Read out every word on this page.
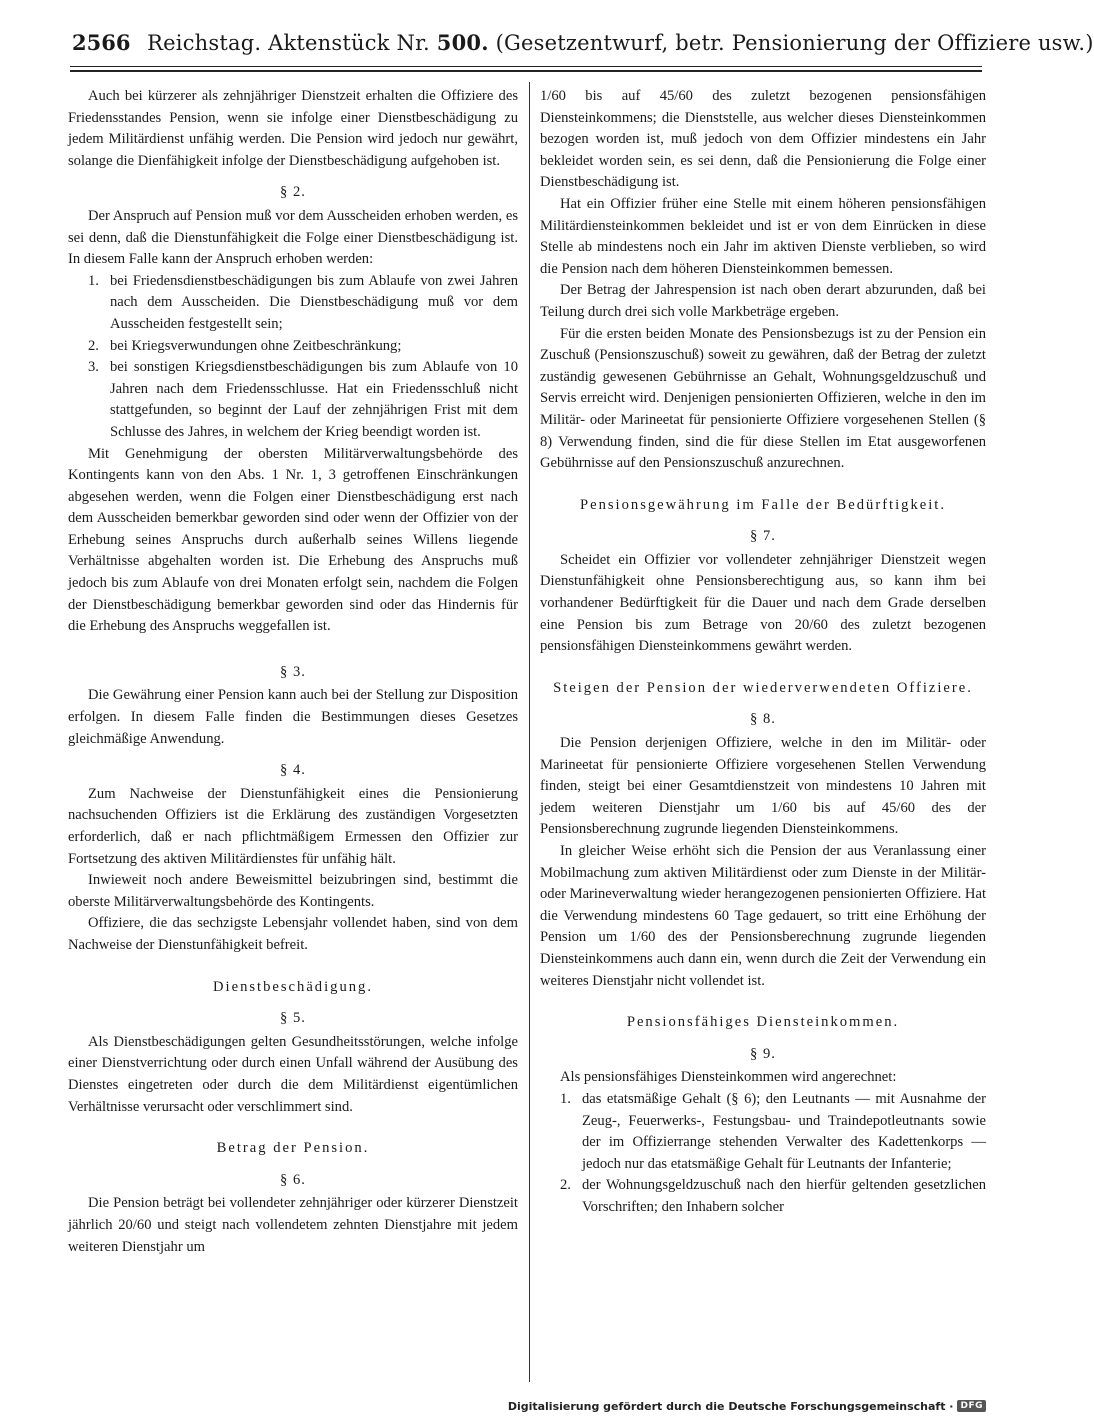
2566 Reichstag. Aktenstück Nr. 500. (Gesetzentwurf, betr. Pensionierung der Offiziere usw.)

Auch bei kürzerer als zehnjähriger Dienstzeit erhalten die Offiziere des Friedensstandes Pension, wenn sie infolge einer Dienstbeschädigung zu jedem Militärdienst unfähig werden. Die Pension wird jedoch nur gewährt, solange die Dienfähigkeit infolge der Dienstbeschädigung aufgehoben ist.

§ 2.

Der Anspruch auf Pension muß vor dem Ausscheiden erhoben werden, es sei denn, daß die Dienstunfähigkeit die Folge einer Dienstbeschädigung ist. In diesem Falle kann der Anspruch erhoben werden:

1. bei Friedensdienstbeschädigungen bis zum Ablaufe von zwei Jahren nach dem Ausscheiden. Die Dienstbeschädigung muß vor dem Ausscheiden festgestellt sein;
2. bei Kriegsverwundungen ohne Zeitbeschränkung;
3. bei sonstigen Kriegsdienstbeschädigungen bis zum Ablaufe von 10 Jahren nach dem Friedensschlusse. Hat ein Friedensschluß nicht stattgefunden, so beginnt der Lauf der zehnjährigen Frist mit dem Schlusse des Jahres, in welchem der Krieg beendigt worden ist.

Mit Genehmigung der obersten Militärverwaltungsbehörde des Kontingents kann von den Abs. 1 Nr. 1, 3 getroffenen Einschränkungen abgesehen werden, wenn die Folgen einer Dienstbeschädigung erst nach dem Ausscheiden bemerkbar geworden sind oder wenn der Offizier von der Erhebung seines Anspruchs durch außerhalb seines Willens liegende Verhältnisse abgehalten worden ist. Die Erhebung des Anspruchs muß jedoch bis zum Ablaufe von drei Monaten erfolgt sein, nachdem die Folgen der Dienstbeschädigung bemerkbar geworden sind oder das Hindernis für die Erhebung des Anspruchs weggefallen ist.

§ 3.

Die Gewährung einer Pension kann auch bei der Stellung zur Disposition erfolgen. In diesem Falle finden die Bestimmungen dieses Gesetzes gleichmäßige Anwendung.

§ 4.

Zum Nachweise der Dienstunfähigkeit eines die Pensionierung nachsuchenden Offiziers ist die Erklärung des zuständigen Vorgesetzten erforderlich, daß er nach pflichtmäßigem Ermessen den Offizier zur Fortsetzung des aktiven Militärdienstes für unfähig hält.

Inwieweit noch andere Beweismittel beizubringen sind, bestimmt die oberste Militärverwaltungsbehörde des Kontingents.

Offiziere, die das sechzigste Lebensjahr vollendet haben, sind von dem Nachweise der Dienstunfähigkeit befreit.

Dienstbeschädigung.
§ 5.

Als Dienstbeschädigungen gelten Gesundheitsstörungen, welche infolge einer Dienstverrichtung oder durch einen Unfall während der Ausübung des Dienstes eingetreten oder durch die dem Militärdienst eigentümlichen Verhältnisse verursacht oder verschlimmert sind.

Betrag der Pension.
§ 6.

Die Pension beträgt bei vollendeter zehnjähriger oder kürzerer Dienstzeit jährlich 20/60 und steigt nach vollendetem zehnten Dienstjahre mit jedem weiteren Dienstjahr um

1/60 bis auf 45/60 des zuletzt bezogenen pensionsfähigen Diensteinkommens; die Dienststelle, aus welcher dieses Diensteinkommen bezogen worden ist, muß jedoch von dem Offizier mindestens ein Jahr bekleidet worden sein, es sei denn, daß die Pensionierung die Folge einer Dienstbeschädigung ist.

Hat ein Offizier früher eine Stelle mit einem höheren pensionsfähigen Militärdiensteinkommen bekleidet und ist er von dem Einrücken in diese Stelle ab mindestens noch ein Jahr im aktiven Dienste verblieben, so wird die Pension nach dem höheren Diensteinkommen bemessen.

Der Betrag der Jahrespension ist nach oben derart abzurunden, daß bei Teilung durch drei sich volle Markbeträge ergeben.

Für die ersten beiden Monate des Pensionsbezugs ist zu der Pension ein Zuschuß (Pensionszuschuß) soweit zu gewähren, daß der Betrag der zuletzt zuständig gewesenen Gebührnisse an Gehalt, Wohnungsgeldzuschuß und Servis erreicht wird. Denjenigen pensionierten Offizieren, welche in den im Militär- oder Marineetat für pensionierte Offiziere vorgesehenen Stellen (§ 8) Verwendung finden, sind die für diese Stellen im Etat ausgeworfenen Gebührnisse auf den Pensionszuschuß anzurechnen.

Pensionsgewährung im Falle der Bedürftigkeit.
§ 7.

Scheidet ein Offizier vor vollendeter zehnjähriger Dienstzeit wegen Dienstunfähigkeit ohne Pensionsberechtigung aus, so kann ihm bei vorhandener Bedürftigkeit für die Dauer und nach dem Grade derselben eine Pension bis zum Betrage von 20/60 des zuletzt bezogenen pensionsfähigen Diensteinkommens gewährt werden.

Steigen der Pension der wiederverwendeten Offiziere.
§ 8.

Die Pension derjenigen Offiziere, welche in den im Militär- oder Marineetat für pensionierte Offiziere vorgesehenen Stellen Verwendung finden, steigt bei einer Gesamtdienstzeit von mindestens 10 Jahren mit jedem weiteren Dienstjahr um 1/60 bis auf 45/60 des der Pensionsberechnung zugrunde liegenden Diensteinkommens.

In gleicher Weise erhöht sich die Pension der aus Veranlassung einer Mobilmachung zum aktiven Militärdienst oder zum Dienste in der Militär- oder Marineverwaltung wieder herangezogenen pensionierten Offiziere. Hat die Verwendung mindestens 60 Tage gedauert, so tritt eine Erhöhung der Pension um 1/60 des der Pensionsberechnung zugrunde liegenden Diensteinkommens auch dann ein, wenn durch die Zeit der Verwendung ein weiteres Dienstjahr nicht vollendet ist.

Pensionsfähiges Diensteinkommen.
§ 9.

Als pensionsfähiges Diensteinkommen wird angerechnet:

1. das etatsmäßige Gehalt (§ 6); den Leutnants — mit Ausnahme der Zeug-, Feuerwerks-, Festungsbau- und Traindepotleutnants sowie der im Offizierrange stehenden Verwalter des Kadettenkorps — jedoch nur das etatsmäßige Gehalt für Leutnants der Infanterie;
2. der Wohnungsgeldzuschuß nach den hierfür geltenden gesetzlichen Vorschriften; den Inhabern solcher
Digitalisierung gefördert durch die Deutsche Forschungsgemeinschaft · DFG
